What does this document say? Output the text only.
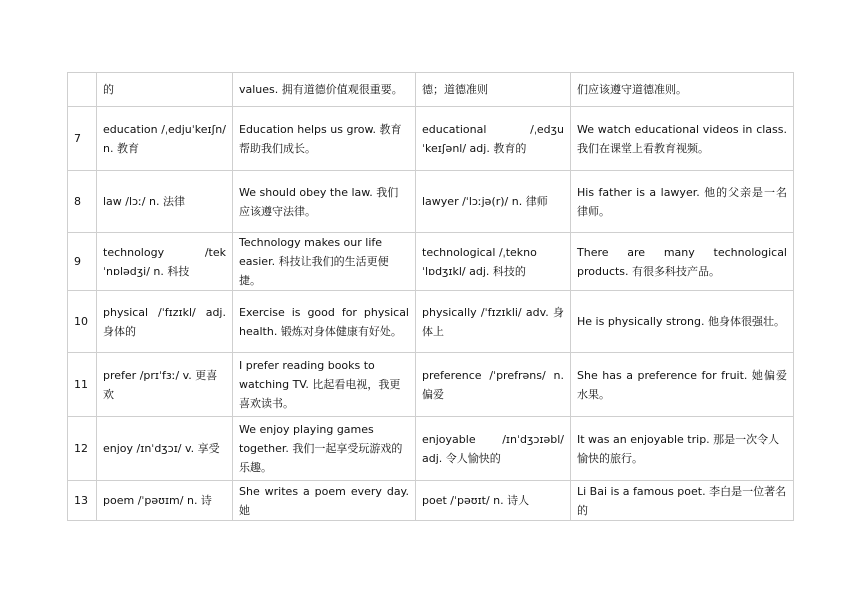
	的	values. 拥有道德价值观很重要。	德；道德准则	们应该遵守道德准则。

7	education /ˌedjuˈkeɪʃn/ n. 教育	Education helps us grow. 教育帮助我们成长。	educational /ˌedʒuˈkeɪʃənl/ adj. 教育的	We watch educational videos in class. 我们在课堂上看教育视频。

8	law /lɔː/ n. 法律	We should obey the law. 我们应该遵守法律。	lawyer /ˈlɔːjə(r)/ n. 律师	His father is a lawyer. 他的父亲是一名律师。

9	technology /tekˈnɒlədʒi/ n. 科技	Technology makes our life easier. 科技让我们的生活更便捷。	technological /ˌteknoˈlɒdʒɪkl/ adj. 科技的	There are many technological products. 有很多科技产品。

10	physical /ˈfɪzɪkl/ adj. 身体的	Exercise is good for physical health. 锻炼对身体健康有好处。	physically /ˈfɪzɪkli/ adv. 身体上	He is physically strong. 他身体很强壮。

11	prefer /prɪˈfɜː/ v. 更喜欢	I prefer reading books to watching TV. 比起看电视，我更喜欢读书。	preference /ˈprefrəns/ n. 偏爱	She has a preference for fruit. 她偏爱水果。

12	enjoy /ɪnˈdʒɔɪ/ v. 享受	We enjoy playing games together. 我们一起享受玩游戏的乐趣。	enjoyable /ɪnˈdʒɔɪəbl/ adj. 令人愉快的	It was an enjoyable trip. 那是一次令人愉快的旅行。

13	poem /ˈpəʊɪm/ n. 诗	She writes a poem every day. 她	poet /ˈpəʊɪt/ n. 诗人	Li Bai is a famous poet. 李白是一位著名的
